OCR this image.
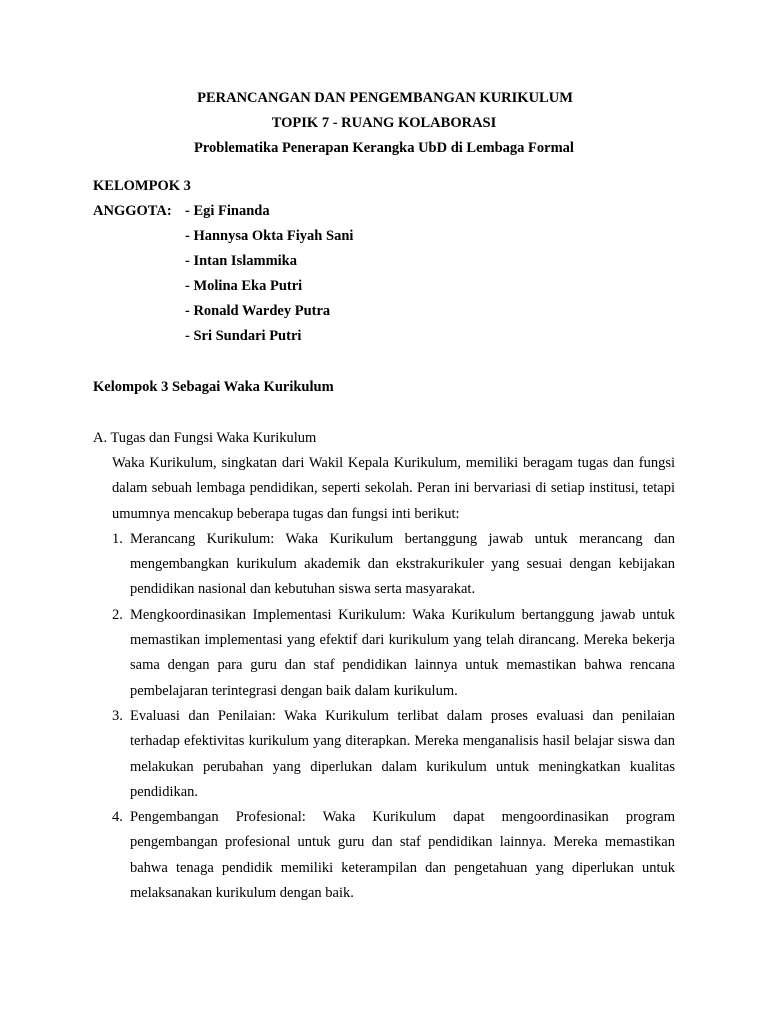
PERANCANGAN DAN PENGEMBANGAN KURIKULUM
TOPIK 7 - RUANG KOLABORASI
Problematika Penerapan Kerangka UbD di Lembaga Formal
KELOMPOK 3
ANGGOTA: - Egi Finanda
- Hannysa Okta Fiyah Sani
- Intan Islammika
- Molina Eka Putri
- Ronald Wardey Putra
- Sri Sundari Putri
Kelompok 3 Sebagai Waka Kurikulum
A. Tugas dan Fungsi Waka Kurikulum
Waka Kurikulum, singkatan dari Wakil Kepala Kurikulum, memiliki beragam tugas dan fungsi dalam sebuah lembaga pendidikan, seperti sekolah. Peran ini bervariasi di setiap institusi, tetapi umumnya mencakup beberapa tugas dan fungsi inti berikut:
1. Merancang Kurikulum: Waka Kurikulum bertanggung jawab untuk merancang dan mengembangkan kurikulum akademik dan ekstrakurikuler yang sesuai dengan kebijakan pendidikan nasional dan kebutuhan siswa serta masyarakat.
2. Mengkoordinasikan Implementasi Kurikulum: Waka Kurikulum bertanggung jawab untuk memastikan implementasi yang efektif dari kurikulum yang telah dirancang. Mereka bekerja sama dengan para guru dan staf pendidikan lainnya untuk memastikan bahwa rencana pembelajaran terintegrasi dengan baik dalam kurikulum.
3. Evaluasi dan Penilaian: Waka Kurikulum terlibat dalam proses evaluasi dan penilaian terhadap efektivitas kurikulum yang diterapkan. Mereka menganalisis hasil belajar siswa dan melakukan perubahan yang diperlukan dalam kurikulum untuk meningkatkan kualitas pendidikan.
4. Pengembangan Profesional: Waka Kurikulum dapat mengoordinasikan program pengembangan profesional untuk guru dan staf pendidikan lainnya. Mereka memastikan bahwa tenaga pendidik memiliki keterampilan dan pengetahuan yang diperlukan untuk melaksanakan kurikulum dengan baik.
